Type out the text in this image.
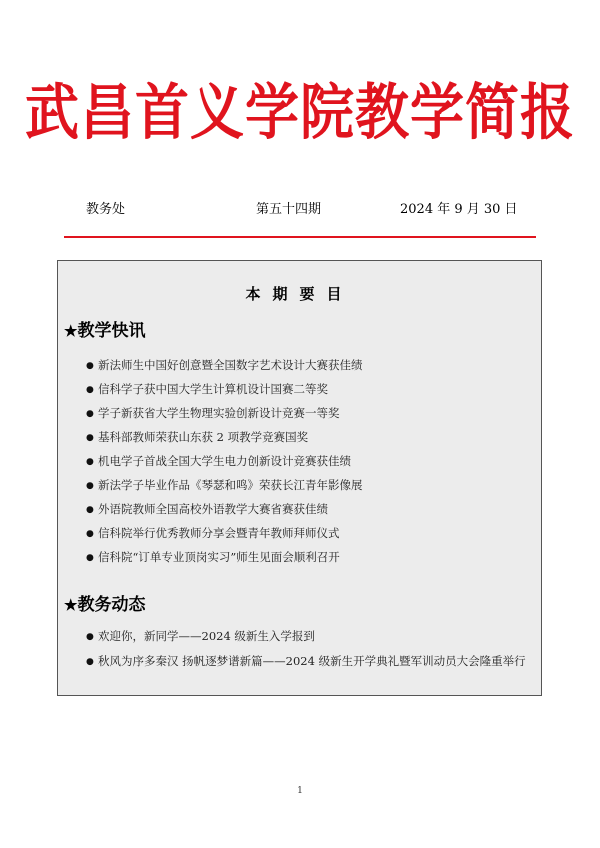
武昌首义学院教学简报
教务处	第五十四期	2024 年 9 月 30 日
本期要目
★教学快讯
● 新法师生中国好创意暨全国数字艺术设计大赛获佳绩
● 信科学子获中国大学生计算机设计国赛二等奖
● 学子新获省大学生物理实验创新设计竞赛一等奖
● 基科部教师荣获山东获 2 项教学竞赛国奖
● 机电学子首战全国大学生电力创新设计竞赛获佳绩
● 新法学子毕业作品《琴瑟和鸣》荣获长江青年影像展
● 外语院教师全国高校外语教学大赛省赛获佳绩
● 信科院举行优秀教师分享会暨青年教师拜师仪式
● 信科院“订单专业顶岗实习”师生见面会顺利召开
★教务动态
● 欢迎你，新同学——2024 级新生入学报到
● 秋风为序多秦汉 扬帆逐梦谱新篇——2024 级新生开学典礼暨军训动员大会隆重举行
1
